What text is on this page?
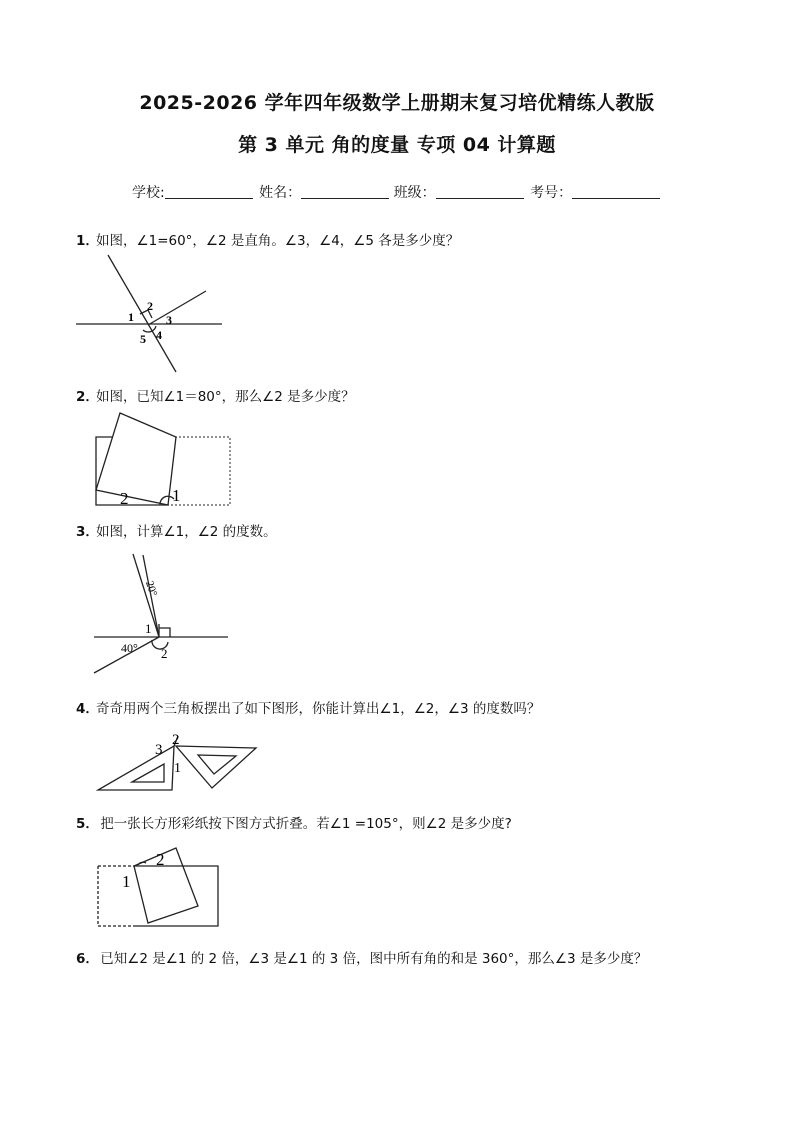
2025-2026 学年四年级数学上册期末复习培优精练人教版
第 3 单元 角的度量 专项 04 计算题
学校:	姓名：	班级：	考号：
1．如图，∠1=60°，∠2 是直角。∠3，∠4，∠5 各是多少度？
1
2
3
4
5
2．如图，已知∠1＝80°，那么∠2 是多少度？
2	1
3．如图，计算∠1，∠2 的度数。
20°
1
40° 2
4．奇奇用两个三角板摆出了如下图形，你能计算出∠1，∠2，∠3 的度数吗？
3
2
1
5． 把一张长方形彩纸按下图方式折叠。若∠1 =105°，则∠2 是多少度?
1
2
6． 已知∠2 是∠1 的 2 倍，∠3 是∠1 的 3 倍，图中所有角的和是 360°，那么∠3 是多少度？
